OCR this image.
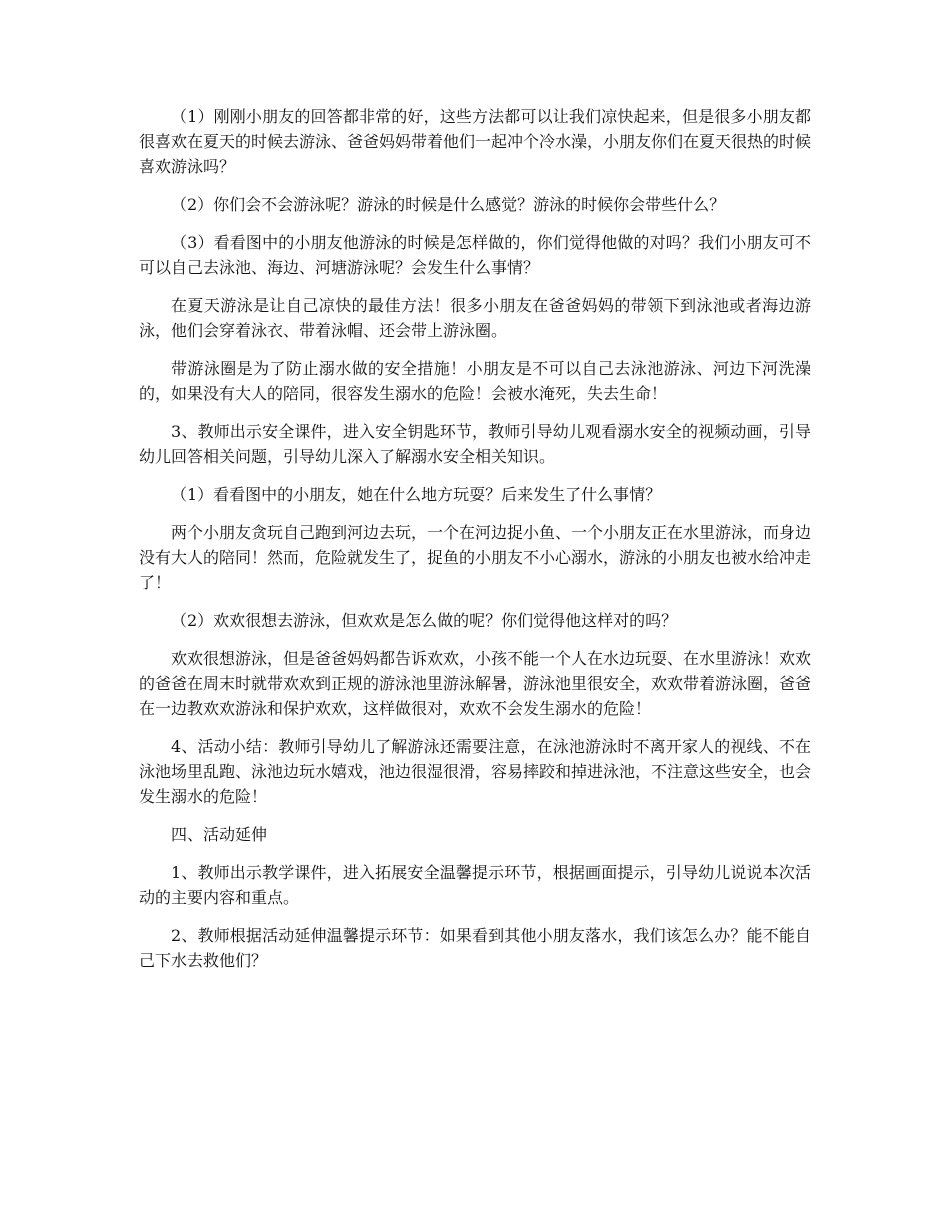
（1）刚刚小朋友的回答都非常的好，这些方法都可以让我们凉快起来，但是很多小朋友都很喜欢在夏天的时候去游泳、爸爸妈妈带着他们一起冲个冷水澡，小朋友你们在夏天很热的时候喜欢游泳吗？

（2）你们会不会游泳呢？游泳的时候是什么感觉？游泳的时候你会带些什么？

（3）看看图中的小朋友他游泳的时候是怎样做的，你们觉得他做的对吗？我们小朋友可不可以自己去泳池、海边、河塘游泳呢？会发生什么事情？

在夏天游泳是让自己凉快的最佳方法！很多小朋友在爸爸妈妈的带领下到泳池或者海边游泳，他们会穿着泳衣、带着泳帽、还会带上游泳圈。

带游泳圈是为了防止溺水做的安全措施！小朋友是不可以自己去泳池游泳、河边下河洗澡的，如果没有大人的陪同，很容发生溺水的危险！会被水淹死，失去生命！

3、教师出示安全课件，进入安全钥匙环节，教师引导幼儿观看溺水安全的视频动画，引导幼儿回答相关问题，引导幼儿深入了解溺水安全相关知识。

（1）看看图中的小朋友，她在什么地方玩耍？后来发生了什么事情？

两个小朋友贪玩自己跑到河边去玩，一个在河边捉小鱼、一个小朋友正在水里游泳，而身边没有大人的陪同！然而，危险就发生了，捉鱼的小朋友不小心溺水，游泳的小朋友也被水给冲走了！

（2）欢欢很想去游泳，但欢欢是怎么做的呢？你们觉得他这样对的吗？

欢欢很想游泳，但是爸爸妈妈都告诉欢欢，小孩不能一个人在水边玩耍、在水里游泳！欢欢的爸爸在周末时就带欢欢到正规的游泳池里游泳解暑，游泳池里很安全，欢欢带着游泳圈，爸爸在一边教欢欢游泳和保护欢欢，这样做很对，欢欢不会发生溺水的危险！

4、活动小结：教师引导幼儿了解游泳还需要注意，在泳池游泳时不离开家人的视线、不在泳池场里乱跑、泳池边玩水嬉戏，池边很湿很滑，容易摔跤和掉进泳池，不注意这些安全，也会发生溺水的危险！

四、活动延伸

1、教师出示教学课件，进入拓展安全温馨提示环节，根据画面提示，引导幼儿说说本次活动的主要内容和重点。

2、教师根据活动延伸温馨提示环节：如果看到其他小朋友落水，我们该怎么办？能不能自己下水去救他们？
